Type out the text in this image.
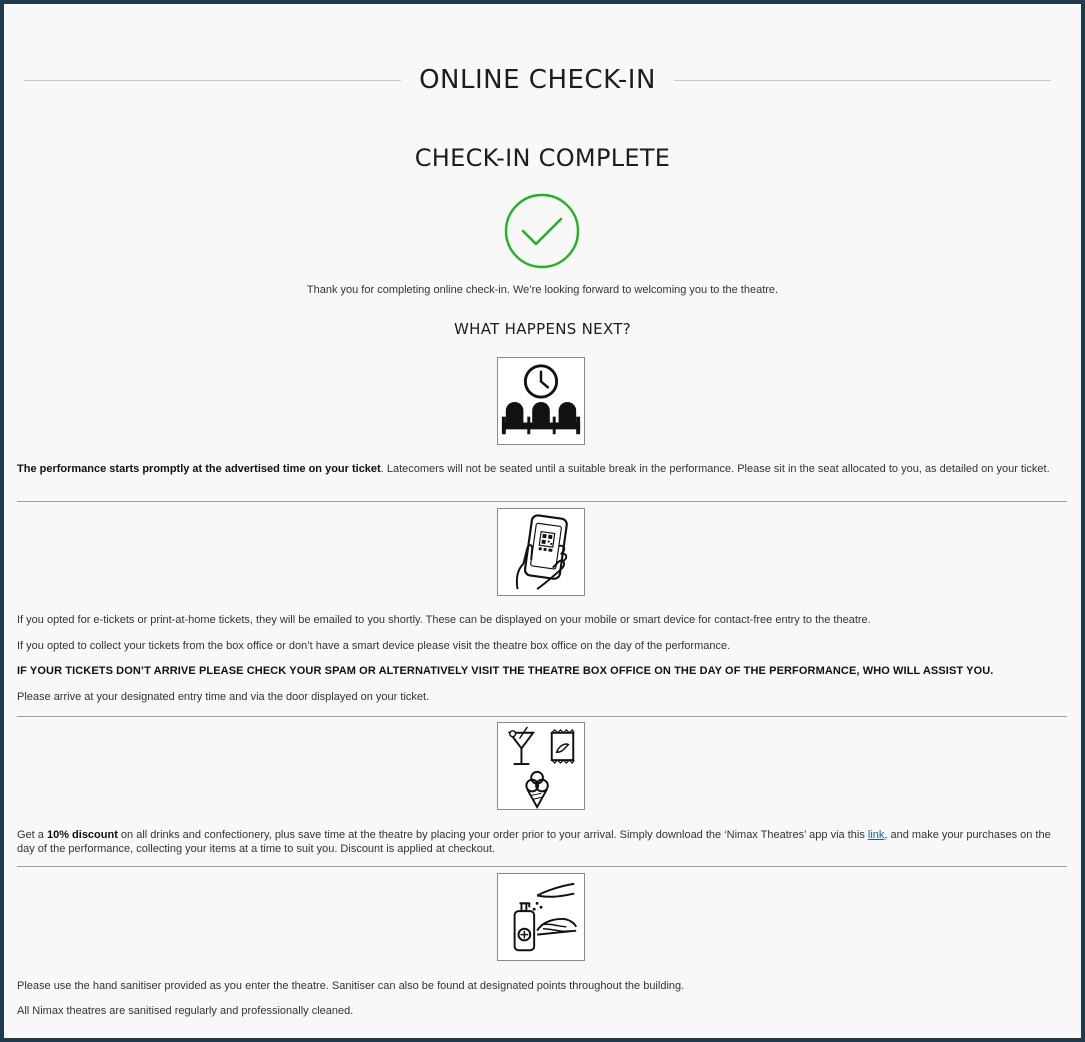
ONLINE CHECK-IN
CHECK-IN COMPLETE
Thank you for completing online check-in. We’re looking forward to welcoming you to the theatre.
WHAT HAPPENS NEXT?

The performance starts promptly at the advertised time on your ticket. Latecomers will not be seated until a suitable break in the performance. Please sit in the seat allocated to you, as detailed on your ticket.

If you opted for e-tickets or print-at-home tickets, they will be emailed to you shortly. These can be displayed on your mobile or smart device for contact-free entry to the theatre.

If you opted to collect your tickets from the box office or don’t have a smart device please visit the theatre box office on the day of the performance.

IF YOUR TICKETS DON’T ARRIVE PLEASE CHECK YOUR SPAM OR ALTERNATIVELY VISIT THE THEATRE BOX OFFICE ON THE DAY OF THE PERFORMANCE, WHO WILL ASSIST YOU.

Please arrive at your designated entry time and via the door displayed on your ticket.

Get a 10% discount on all drinks and confectionery, plus save time at the theatre by placing your order prior to your arrival. Simply download the ‘Nimax Theatres’ app via this link, and make your purchases on the day of the performance, collecting your items at a time to suit you. Discount is applied at checkout.

Please use the hand sanitiser provided as you enter the theatre. Sanitiser can also be found at designated points throughout the building.

All Nimax theatres are sanitised regularly and professionally cleaned.
